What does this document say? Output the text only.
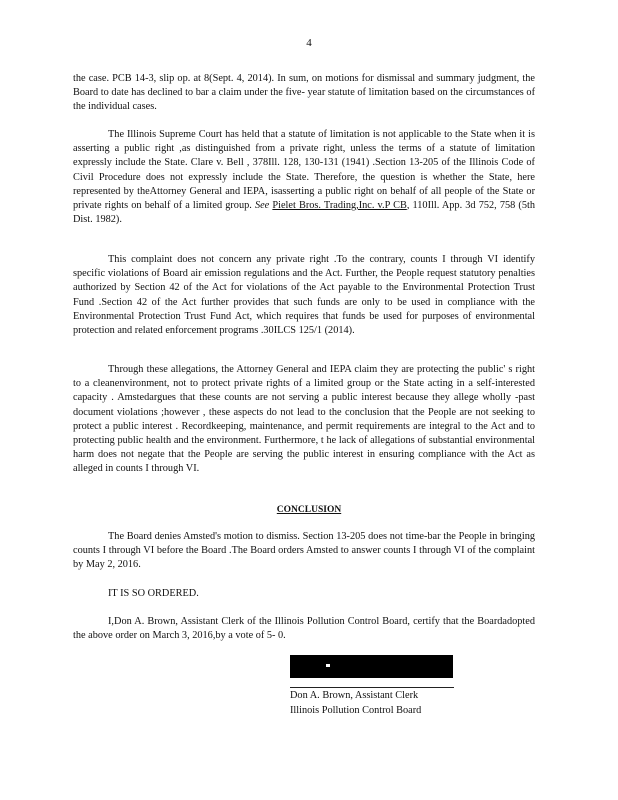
4

the case. PCB 14-3, slip op. at 8(Sept. 4, 2014). In sum, on motions for dismissal and summary judgment, the Board to date has declined to bar a claim under the five- year statute of limitation based on the circumstances of the individual cases.

The Illinois Supreme Court has held that a statute of limitation is not applicable to the State when it is asserting a public right ,as distinguished from a private right, unless the terms of a statute of limitation expressly include the State. Clare v. Bell , 378Ill. 128, 130-131 (1941) .Section 13-205 of the Illinois Code of Civil Procedure does not expressly include the State. Therefore, the question is whether the State, here represented by theAttorney General and IEPA, isasserting a public right on behalf of all people of the State or private rights on behalf of a limited group. See Pielet Bros. Trading,Inc. v.P CB, 110Ill. App. 3d 752, 758 (5th Dist. 1982).

This complaint does not concern any private right .To the contrary, counts I through VI identify specific violations of Board air emission regulations and the Act. Further, the People request statutory penalties authorized by Section 42 of the Act for violations of the Act payable to the Environmental Protection Trust Fund .Section 42 of the Act further provides that such funds are only to be used in compliance with the Environmental Protection Trust Fund Act, which requires that funds be used for purposes of environmental protection and related enforcement programs .30ILCS 125/1 (2014).

Through these allegations, the Attorney General and IEPA claim they are protecting the public' s right to a cleanenvironment, not to protect private rights of a limited group or the State acting in a self-interested capacity . Amstedargues that these counts are not serving a public interest because they allege wholly -past document violations ;however , these aspects do not lead to the conclusion that the People are not seeking to protect a public interest . Recordkeeping, maintenance, and permit requirements are integral to the Act and to protecting public health and the environment. Furthermore, t he lack of allegations of substantial environmental harm does not negate that the People are serving the public interest in ensuring compliance with the Act as alleged in counts I through VI.

CONCLUSION

The Board denies Amsted's motion to dismiss. Section 13-205 does not time-bar the People in bringing counts I through VI before the Board .The Board orders Amsted to answer counts I through VI of the complaint by May 2, 2016.

IT IS SO ORDERED.

I,Don A. Brown, Assistant Clerk of the Illinois Pollution Control Board, certify that the Boardadopted the above order on March 3, 2016,by a vote of 5- 0.

Don A. Brown, Assistant Clerk

Illinois Pollution Control Board
